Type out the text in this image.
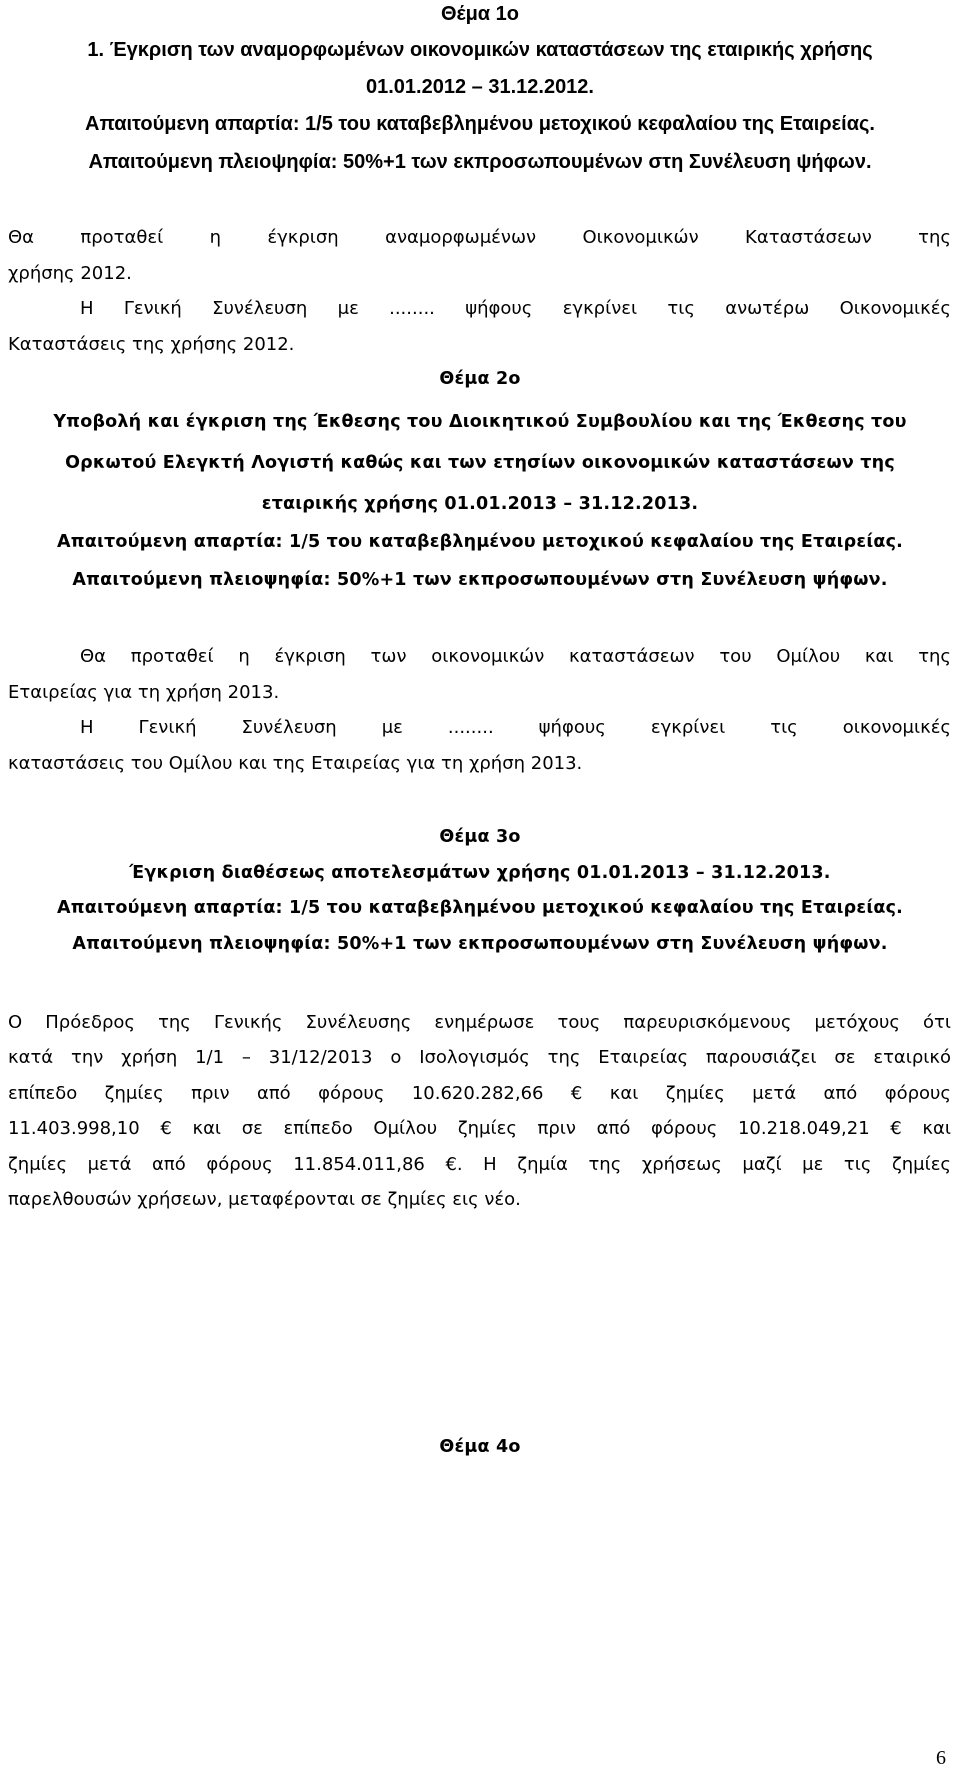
Θέμα 1ο
1. Έγκριση των αναμορφωμένων οικονομικών καταστάσεων της εταιρικής χρήσης
01.01.2012 – 31.12.2012.
Απαιτούμενη απαρτία: 1/5 του καταβεβλημένου μετοχικού κεφαλαίου της Εταιρείας.
Απαιτούμενη πλειοψηφία: 50%+1 των εκπροσωπουμένων στη Συνέλευση ψήφων.
Θα προταθεί η έγκριση αναμορφωμένων Οικονομικών Καταστάσεων της
χρήσης 2012.
Η Γενική Συνέλευση με ........ ψήφους εγκρίνει τις ανωτέρω Οικονομικές
Καταστάσεις της χρήσης 2012.
Θέμα 2ο
Υποβολή και έγκριση της Έκθεσης του Διοικητικού Συμβουλίου και της Έκθεσης του
Ορκωτού Ελεγκτή Λογιστή καθώς και των ετησίων οικονομικών καταστάσεων της
εταιρικής χρήσης 01.01.2013 – 31.12.2013.
Απαιτούμενη απαρτία: 1/5 του καταβεβλημένου μετοχικού κεφαλαίου της Εταιρείας.
Απαιτούμενη πλειοψηφία: 50%+1 των εκπροσωπουμένων στη Συνέλευση ψήφων.
Θα προταθεί η έγκριση των οικονομικών καταστάσεων του Ομίλου και της
Εταιρείας για τη χρήση 2013.
Η Γενική Συνέλευση με ........ ψήφους εγκρίνει τις οικονομικές
καταστάσεις του Ομίλου και της Εταιρείας για τη χρήση 2013.
Θέμα 3ο
Έγκριση διαθέσεως αποτελεσμάτων χρήσης 01.01.2013 – 31.12.2013.
Απαιτούμενη απαρτία: 1/5 του καταβεβλημένου μετοχικού κεφαλαίου της Εταιρείας.
Απαιτούμενη πλειοψηφία: 50%+1 των εκπροσωπουμένων στη Συνέλευση ψήφων.
Ο Πρόεδρος της Γενικής Συνέλευσης ενημέρωσε τους παρευρισκόμενους μετόχους ότι
κατά την χρήση 1/1 – 31/12/2013 ο Ισολογισμός της Εταιρείας παρουσιάζει σε εταιρικό
επίπεδο ζημίες πριν από φόρους 10.620.282,66 € και ζημίες μετά από φόρους
11.403.998,10 € και σε επίπεδο Ομίλου ζημίες πριν από φόρους 10.218.049,21 € και
ζημίες μετά από φόρους 11.854.011,86 €. Η ζημία της χρήσεως μαζί με τις ζημίες
παρελθουσών χρήσεων, μεταφέρονται σε ζημίες εις νέο.
Θέμα 4ο
6
